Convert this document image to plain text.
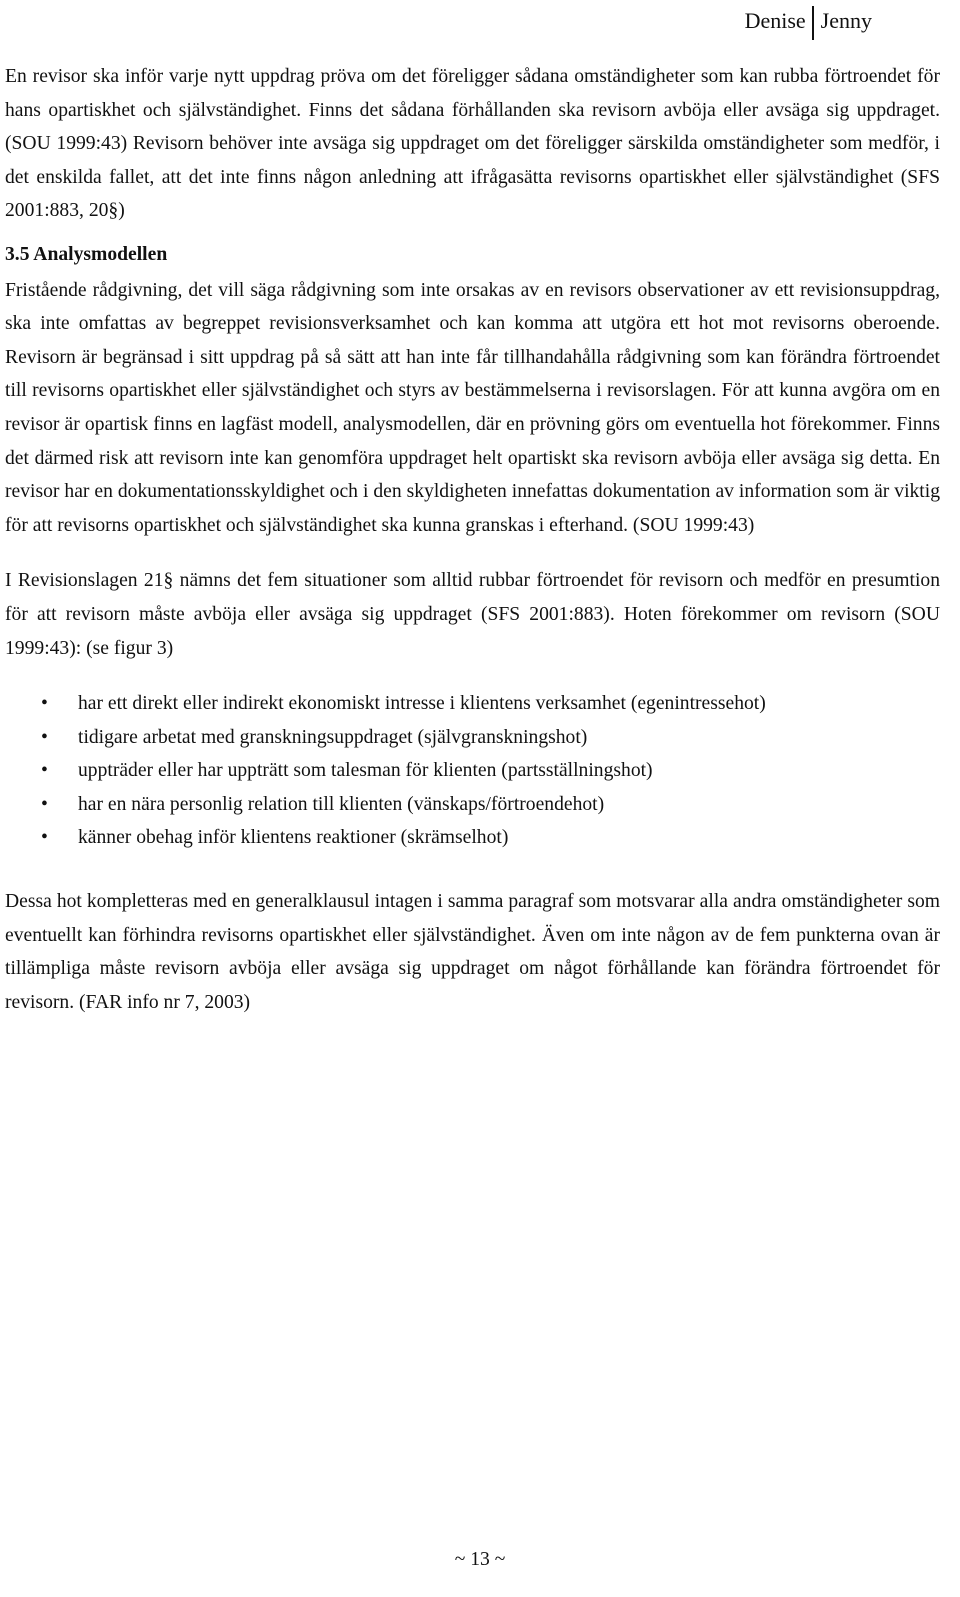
Denise Jenny

En revisor ska inför varje nytt uppdrag pröva om det föreligger sådana omständigheter som kan rubba förtroendet för hans opartiskhet och självständighet. Finns det sådana förhållanden ska revisorn avböja eller avsäga sig uppdraget. (SOU 1999:43) Revisorn behöver inte avsäga sig uppdraget om det föreligger särskilda omständigheter som medför, i det enskilda fallet, att det inte finns någon anledning att ifrågasätta revisorns opartiskhet eller självständighet (SFS 2001:883, 20§)

3.5 Analysmodellen

Fristående rådgivning, det vill säga rådgivning som inte orsakas av en revisors observationer av ett revisionsuppdrag, ska inte omfattas av begreppet revisionsverksamhet och kan komma att utgöra ett hot mot revisorns oberoende. Revisorn är begränsad i sitt uppdrag på så sätt att han inte får tillhandahålla rådgivning som kan förändra förtroendet till revisorns opartiskhet eller självständighet och styrs av bestämmelserna i revisorslagen. För att kunna avgöra om en revisor är opartisk finns en lagfäst modell, analysmodellen, där en prövning görs om eventuella hot förekommer. Finns det därmed risk att revisorn inte kan genomföra uppdraget helt opartiskt ska revisorn avböja eller avsäga sig detta. En revisor har en dokumentationsskyldighet och i den skyldigheten innefattas dokumentation av information som är viktig för att revisorns opartiskhet och självständighet ska kunna granskas i efterhand. (SOU 1999:43)

I Revisionslagen 21§ nämns det fem situationer som alltid rubbar förtroendet för revisorn och medför en presumtion för att revisorn måste avböja eller avsäga sig uppdraget (SFS 2001:883). Hoten förekommer om revisorn (SOU 1999:43): (se figur 3)

• har ett direkt eller indirekt ekonomiskt intresse i klientens verksamhet (egenintressehot)
• tidigare arbetat med granskningsuppdraget (självgranskningshot)
• uppträder eller har uppträtt som talesman för klienten (partsställningshot)
• har en nära personlig relation till klienten (vänskaps/förtroendehot)
• känner obehag inför klientens reaktioner (skrämselhot)

Dessa hot kompletteras med en generalklausul intagen i samma paragraf som motsvarar alla andra omständigheter som eventuellt kan förhindra revisorns opartiskhet eller självständighet. Även om inte någon av de fem punkterna ovan är tillämpliga måste revisorn avböja eller avsäga sig uppdraget om något förhållande kan förändra förtroendet för revisorn. (FAR info nr 7, 2003)

~ 13 ~
